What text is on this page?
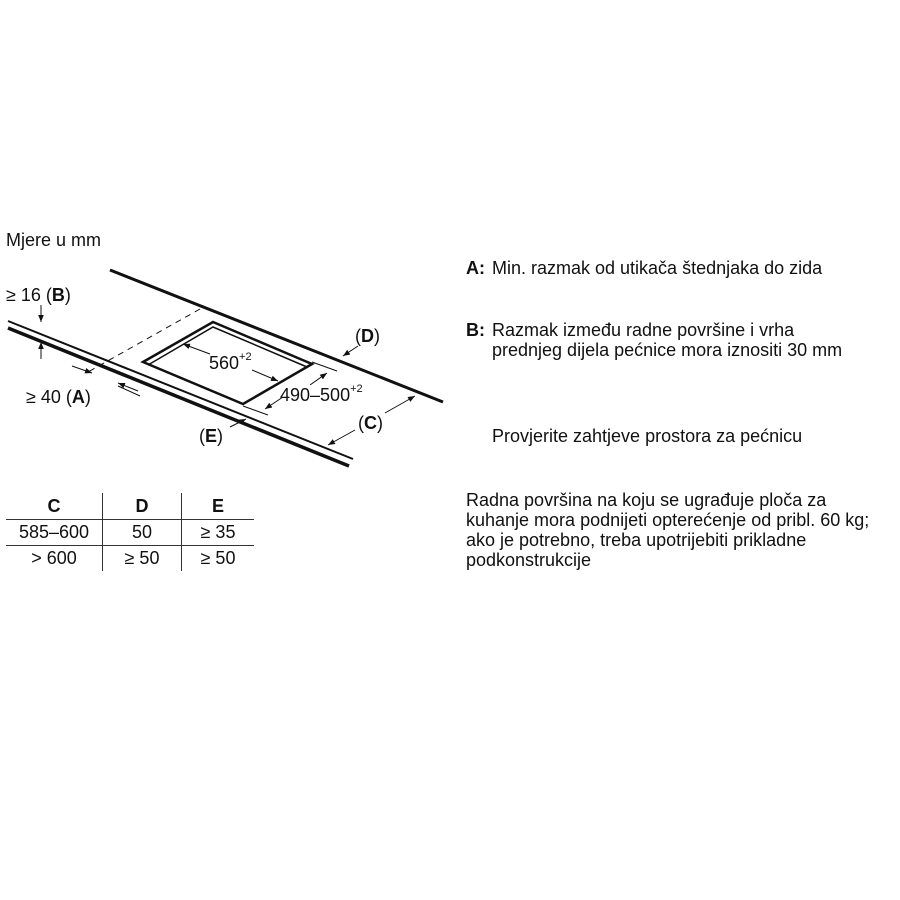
Mjere u mm
≥ 16 (B)
≥ 40 (A)
$560^{+2}$
$490-500^{+2}$
(D)
(C)
(E)
C	D	E
585–600	50	≥ 35
> 600	≥ 50	≥ 50
A: Min. razmak od utikača štednjaka do zida
B: Razmak između radne površine i vrha prednjeg dijela pećnice mora iznositi 30 mm
Provjerite zahtjeve prostora za pećnicu
Radna površina na koju se ugrađuje ploča za kuhanje mora podnijeti opterećenje od pribl. 60 kg; ako je potrebno, treba upotrijebiti prikladne podkonstrukcije
